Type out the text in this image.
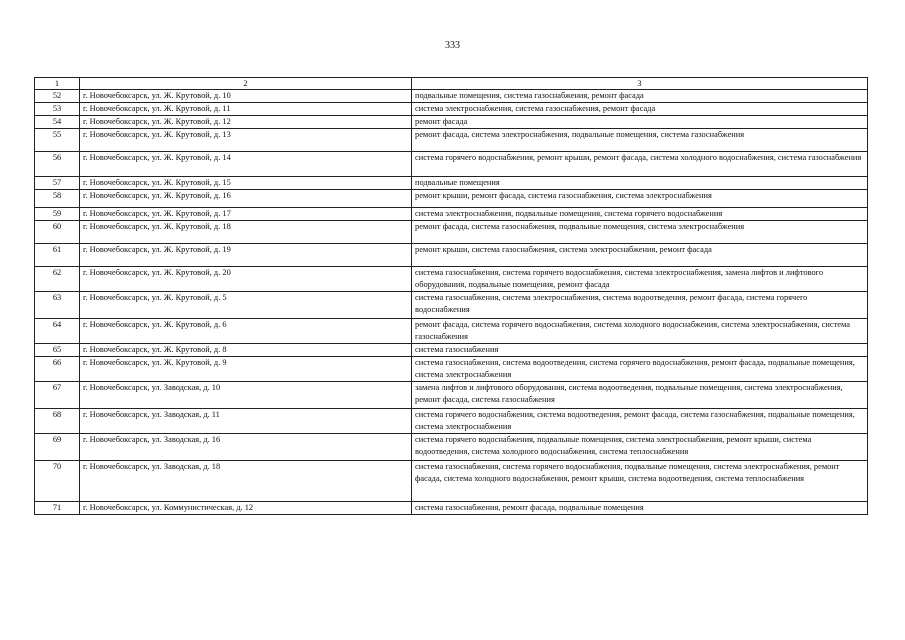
333
1	2	3
52	г. Новочебоксарск, ул. Ж. Крутовой, д. 10	подвальные помещения, система газоснабжения, ремонт фасада
53	г. Новочебоксарск, ул. Ж. Крутовой, д. 11	система электроснабжения, система газоснабжения, ремонт фасада
54	г. Новочебоксарск, ул. Ж. Крутовой, д. 12	ремонт фасада
55	г. Новочебоксарск, ул. Ж. Крутовой, д. 13	ремонт фасада, система электроснабжения, подвальные помещения, система газоснабжения
56	г. Новочебоксарск, ул. Ж. Крутовой, д. 14	система горячего водоснабжения, ремонт крыши, ремонт фасада, система холодного водоснабжения, система газоснабжения
57	г. Новочебоксарск, ул. Ж. Крутовой, д. 15	подвальные помещения
58	г. Новочебоксарск, ул. Ж. Крутовой, д. 16	ремонт крыши, ремонт фасада, система газоснабжения, система электроснабжения
59	г. Новочебоксарск, ул. Ж. Крутовой, д. 17	система электроснабжения, подвальные помещения, система горячего водоснабжения
60	г. Новочебоксарск, ул. Ж. Крутовой, д. 18	ремонт фасада, система газоснабжения, подвальные помещения, система электроснабжения
61	г. Новочебоксарск, ул. Ж. Крутовой, д. 19	ремонт крыши, система газоснабжения, система электроснабжения, ремонт фасада
62	г. Новочебоксарск, ул. Ж. Крутовой, д. 20	система газоснабжения, система горячего водоснабжения, система электроснабжения, замена лифтов и лифтового оборудования, подвальные помещения, ремонт фасада
63	г. Новочебоксарск, ул. Ж. Крутовой, д. 5	система газоснабжения, система электроснабжения, система водоотведения, ремонт фасада, система горячего водоснабжения
64	г. Новочебоксарск, ул. Ж. Крутовой, д. 6	ремонт фасада, система горячего водоснабжения, система холодного водоснабжения, система электроснабжения, система газоснабжения
65	г. Новочебоксарск, ул. Ж. Крутовой, д. 8	система газоснабжения
66	г. Новочебоксарск, ул. Ж. Крутовой, д. 9	система газоснабжения, система водоотведения, система горячего водоснабжения, ремонт фасада, подвальные помещения, система электроснабжения
67	г. Новочебоксарск, ул. Заводская, д. 10	замена лифтов и лифтового оборудования, система водоотведения, подвальные помещения, система электроснабжения, ремонт фасада, система газоснабжения
68	г. Новочебоксарск, ул. Заводская, д. 11	система горячего водоснабжения, система водоотведения, ремонт фасада, система газоснабжения, подвальные помещения, система электроснабжения
69	г. Новочебоксарск, ул. Заводская, д. 16	система горячего водоснабжения, подвальные помещения, система электроснабжения, ремонт крыши, система водоотведения, система холодного водоснабжения, система теплоснабжения
70	г. Новочебоксарск, ул. Заводская, д. 18	система газоснабжения, система горячего водоснабжения, подвальные помещения, система электроснабжения, ремонт фасада, система холодного водоснабжения, ремонт крыши, система водоотведения, система теплоснабжения
71	г. Новочебоксарск, ул. Коммунистическая, д. 12	система газоснабжения, ремонт фасада, подвальные помещения
